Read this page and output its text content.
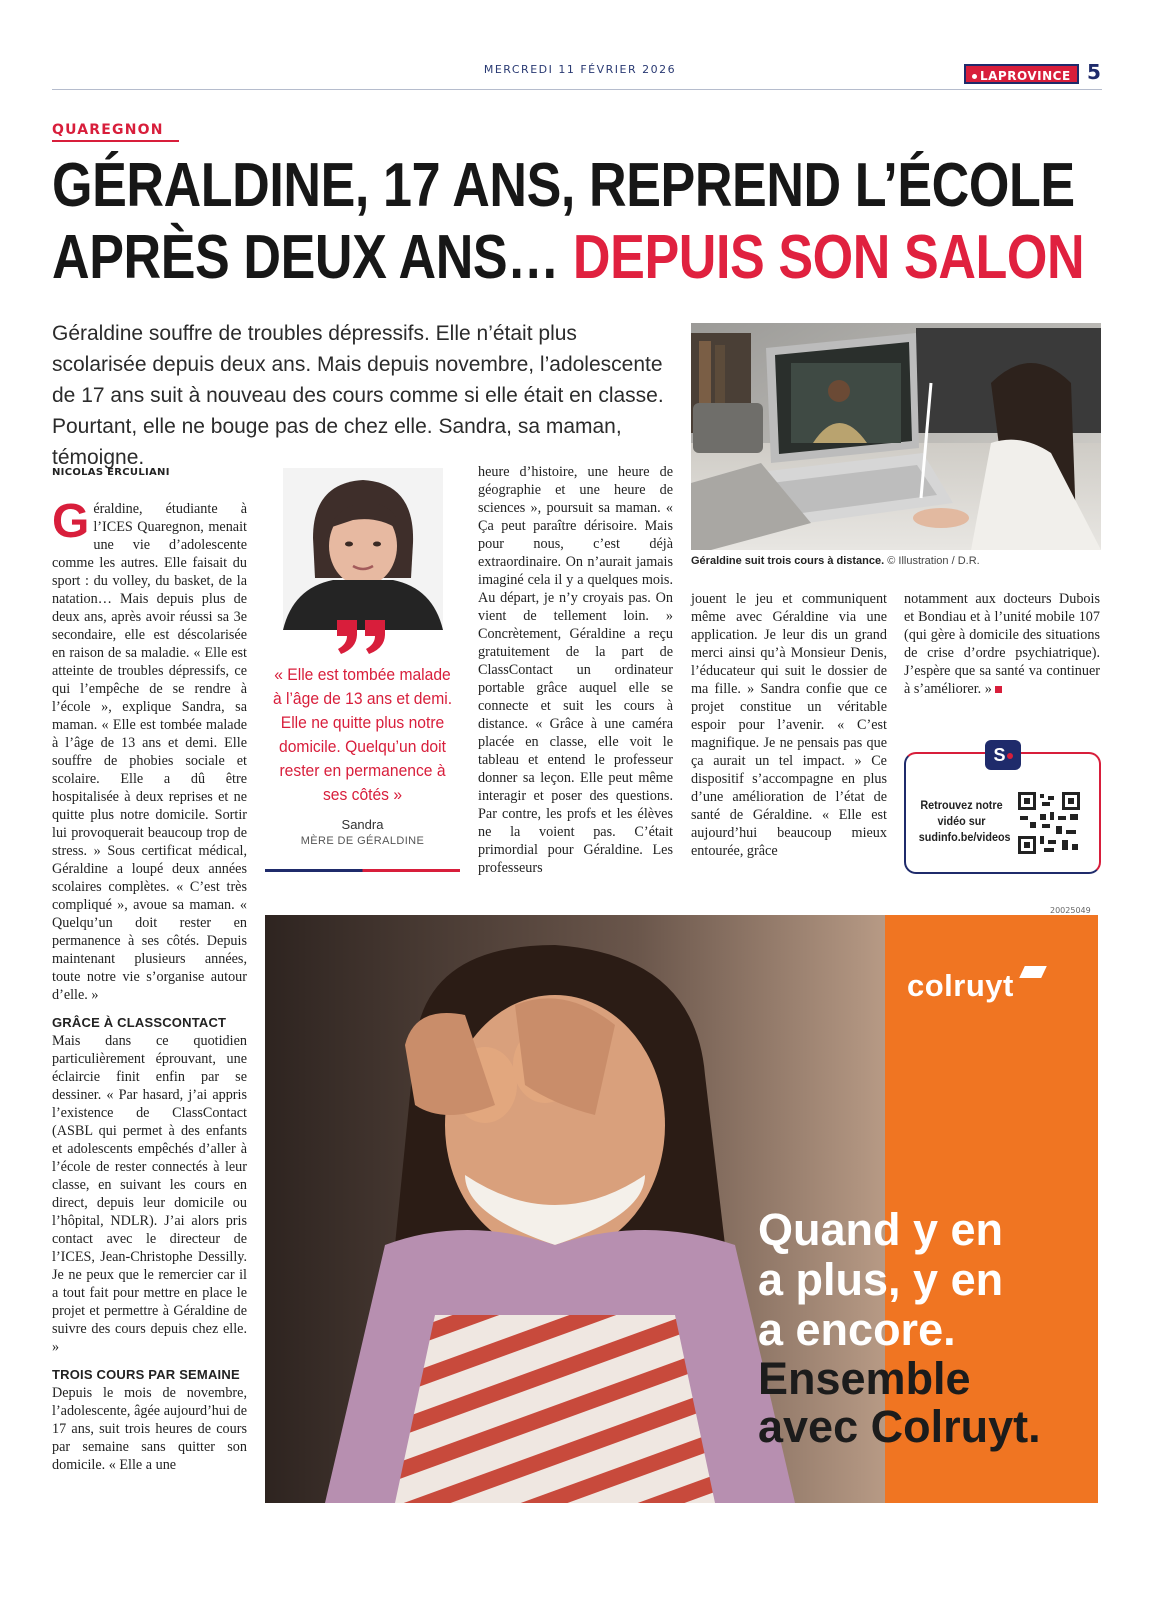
MERCREDI 11 FÉVRIER 2026	LAPROVINCE 5
QUAREGNON
GÉRALDINE, 17 ANS, REPREND L’ÉCOLE
APRÈS DEUX ANS… DEPUIS SON SALON
Géraldine souffre de troubles dépressifs. Elle n’était plus scolarisée depuis deux ans. Mais depuis novembre, l’adolescente de 17 ans suit à nouveau des cours comme si elle était en classe. Pourtant, elle ne bouge pas de chez elle. Sandra, sa maman, témoigne.
Géraldine suit trois cours à distance. © Illustration / D.R.
NICOLAS ERCULIANI

Géraldine, étudiante à l’ICES Quaregnon, menait une vie d’adolescente comme les autres. Elle faisait du sport : du volley, du basket, de la natation… Mais depuis plus de deux ans, après avoir réussi sa 3e secondaire, elle est déscolarisée en raison de sa maladie. « Elle est atteinte de troubles dépressifs, ce qui l’empêche de se rendre à l’école », explique Sandra, sa maman. « Elle est tombée malade à l’âge de 13 ans et demi. Elle souffre de phobies sociale et scolaire. Elle a dû être hospitalisée à deux reprises et ne quitte plus notre domicile. Sortir lui provoquerait beaucoup trop de stress. » Sous certificat médical, Géraldine a loupé deux années scolaires complètes. « C’est très compliqué », avoue sa maman. « Quelqu’un doit rester en permanence à ses côtés. Depuis maintenant plusieurs années, toute notre vie s’organise autour d’elle. »

GRÂCE À CLASSCONTACT

Mais dans ce quotidien particulièrement éprouvant, une éclaircie finit enfin par se dessiner. « Par hasard, j’ai appris l’existence de ClassContact (ASBL qui permet à des enfants et adolescents empêchés d’aller à l’école de rester connectés à leur classe, en suivant les cours en direct, depuis leur domicile ou l’hôpital, NDLR). J’ai alors pris contact avec le directeur de l’ICES, Jean-Christophe Dessilly. Je ne peux que le remercier car il a tout fait pour mettre en place le projet et permettre à Géraldine de suivre des cours depuis chez elle. »

TROIS COURS PAR SEMAINE

Depuis le mois de novembre, l’adolescente, âgée aujourd’hui de 17 ans, suit trois heures de cours par semaine sans quitter son domicile. « Elle a une

« Elle est tombée malade à l’âge de 13 ans et demi. Elle ne quitte plus notre domicile. Quelqu’un doit rester en permanence à ses côtés »
Sandra
MÈRE DE GÉRALDINE

heure d’histoire, une heure de géographie et une heure de sciences », poursuit sa maman. « Ça peut paraître dérisoire. Mais pour nous, c’est déjà extraordinaire. On n’aurait jamais imaginé cela il y a quelques mois. Au départ, je n’y croyais pas. On vient de tellement loin. » Concrètement, Géraldine a reçu gratuitement de la part de ClassContact un ordinateur portable grâce auquel elle se connecte et suit les cours à distance. « Grâce à une caméra placée en classe, elle voit le tableau et entend le professeur donner sa leçon. Elle peut même interagir et poser des questions. Par contre, les profs et les élèves ne la voient pas. C’était primordial pour Géraldine. Les professeurs

jouent le jeu et communiquent même avec Géraldine via une application. Je leur dis un grand merci ainsi qu’à Monsieur Denis, l’éducateur qui suit le dossier de ma fille. » Sandra confie que ce projet constitue un véritable espoir pour l’avenir. « C’est magnifique. Je ne pensais pas que ça aurait un tel impact. » Ce dispositif s’accompagne en plus d’une amélioration de l’état de santé de Géraldine. « Elle est aujourd’hui beaucoup mieux entourée, grâce

notamment aux docteurs Dubois et Bondiau et à l’unité mobile 107 (qui gère à domicile des situations de crise d’ordre psychiatrique). J’espère que sa santé va continuer à s’améliorer. »

S
Retrouvez notre vidéo sur sudinfo.be/videos
20025049
colruyt
Quand y en
a plus, y en
a encore.
Ensemble
avec Colruyt.
